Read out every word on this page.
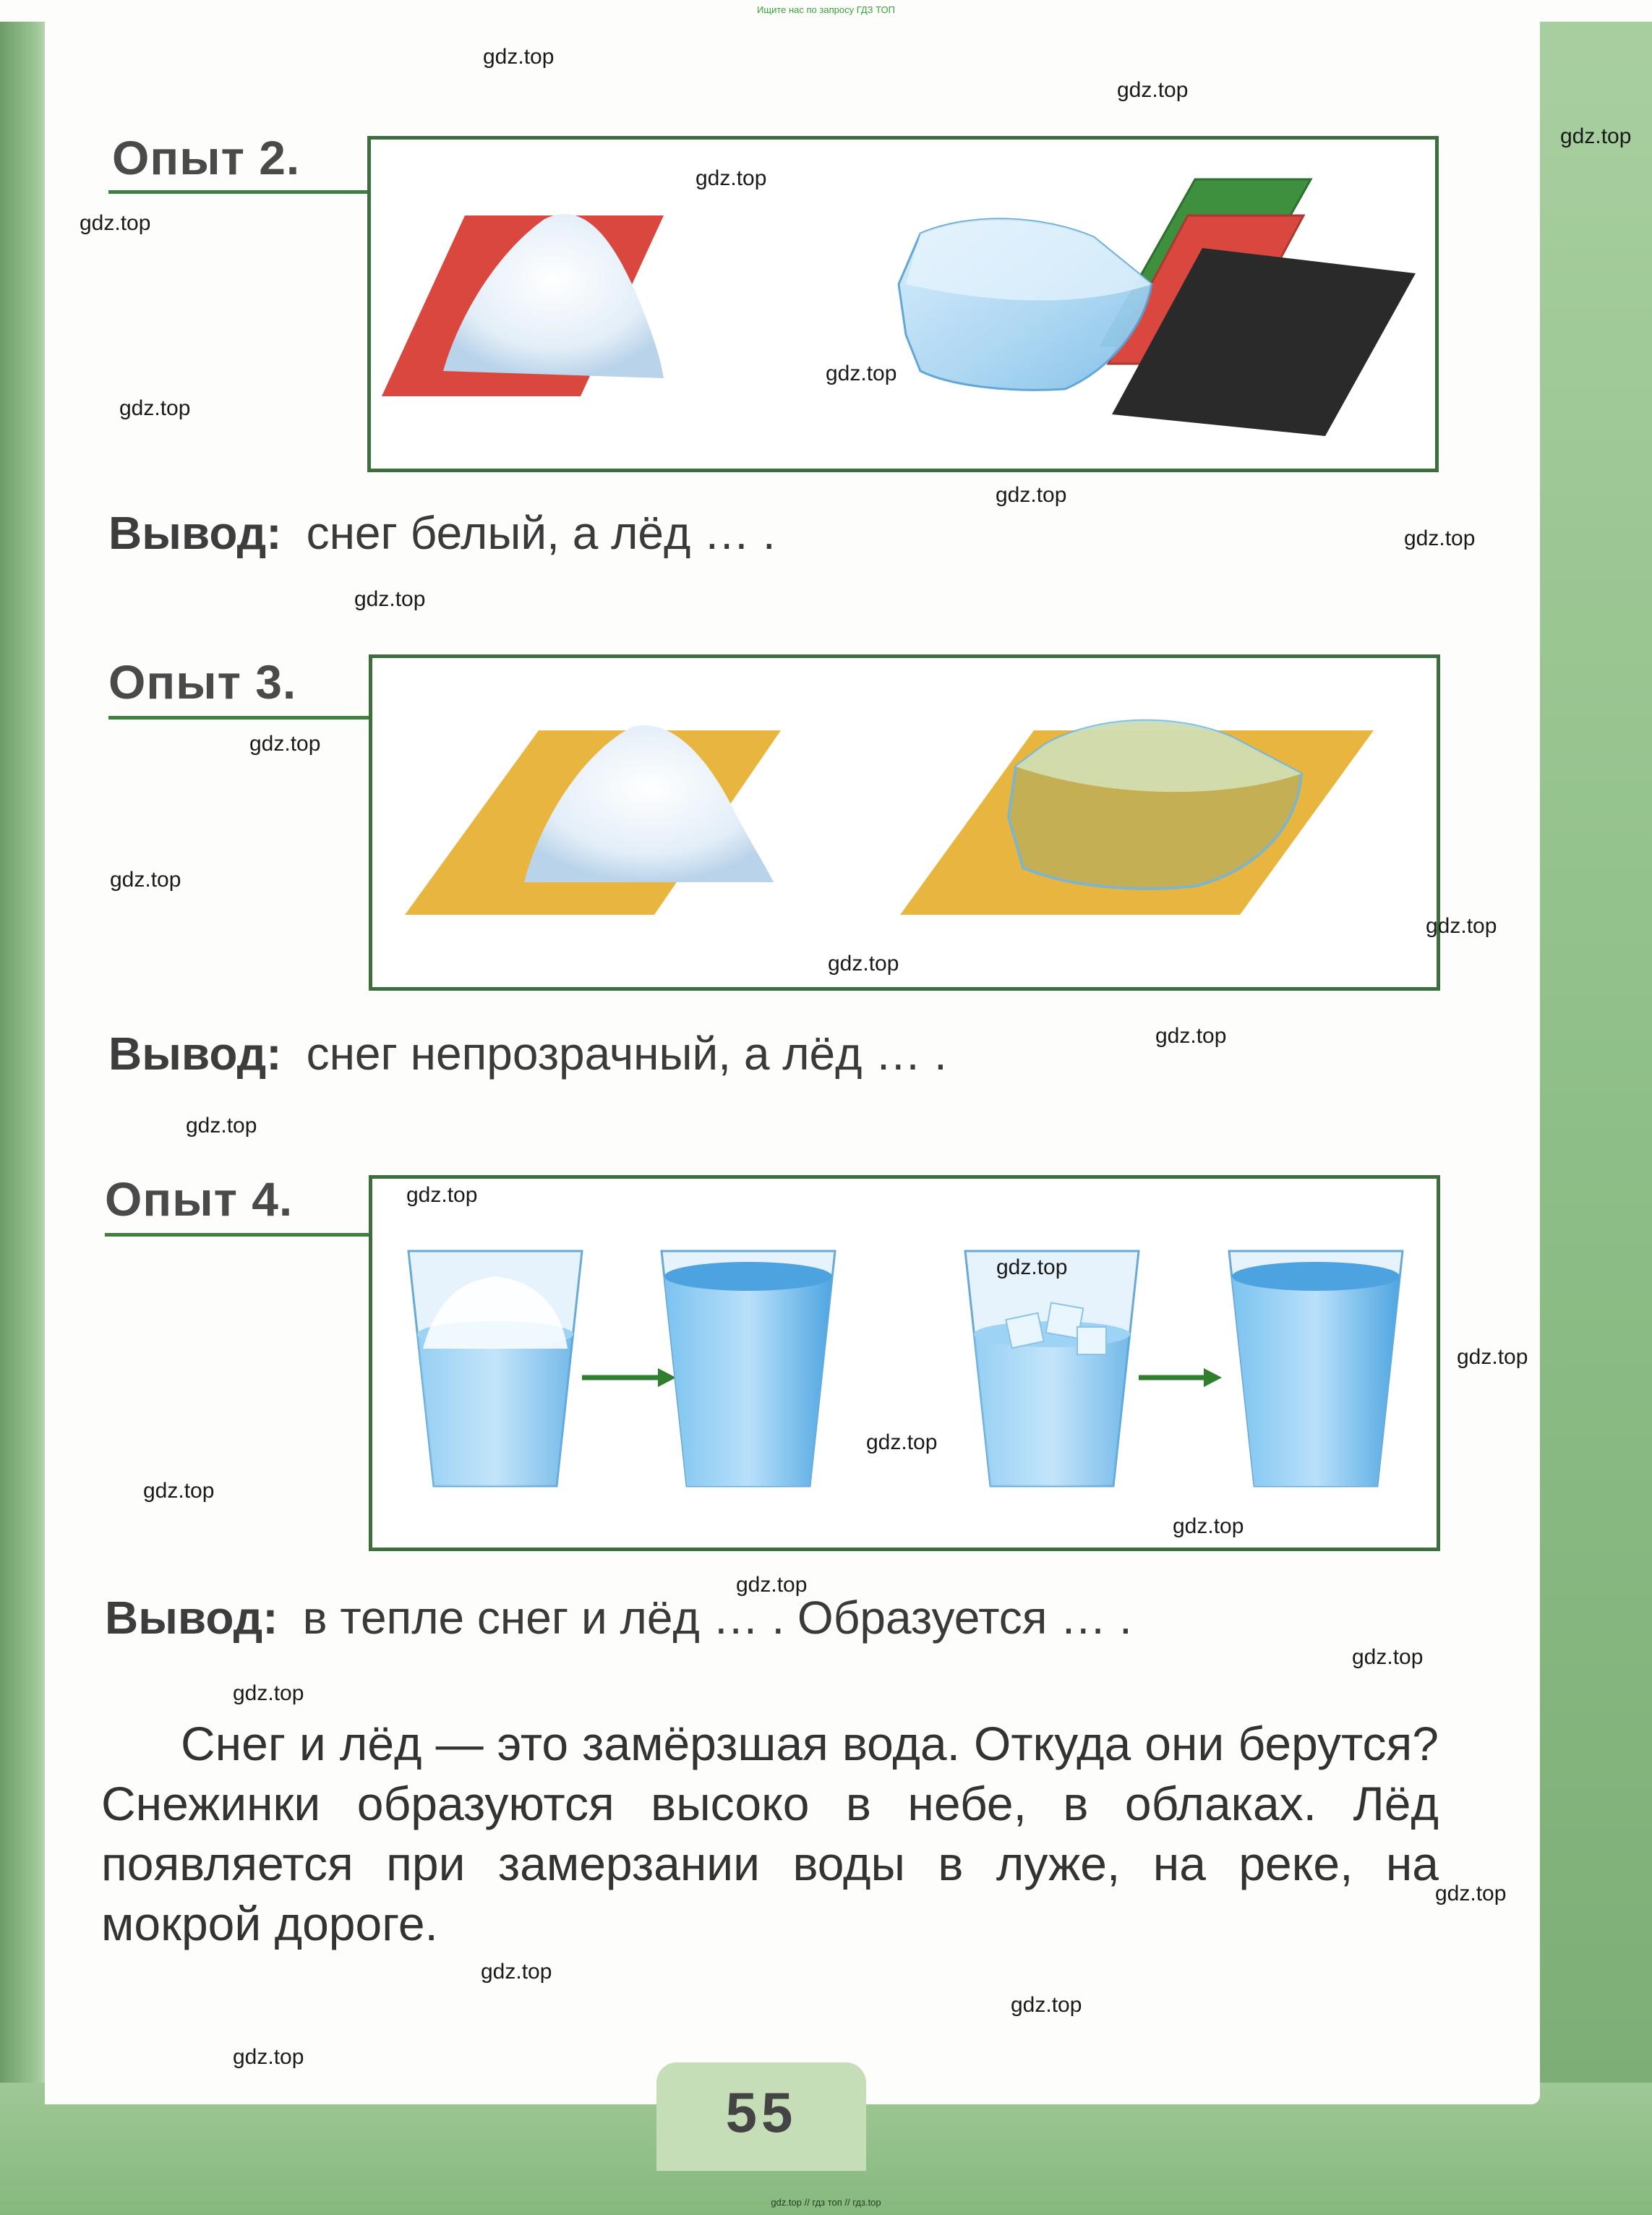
Ищите нас по запросу ГДЗ ТОП
Опыт 2.
Вывод: снег белый, а лёд … .
Опыт 3.
Вывод: снег непрозрачный, а лёд … .
Опыт 4.
Вывод: в тепле снег и лёд … . Образуется … .
Снег и лёд — это замёрзшая вода. Откуда они берутся? Снежинки образуются высоко в небе, в облаках. Лёд появляется при замерзании воды в луже, на реке, на мокрой дороге.
55
gdz.top
gdz.top
gdz.top
gdz.top
gdz.top
gdz.top
gdz.top
gdz.top
gdz.top
gdz.top
gdz.top
gdz.top
gdz.top
gdz.top
gdz.top
gdz.top
gdz.top
gdz.top
gdz.top
gdz.top
gdz.top
gdz.top
gdz.top
gdz.top
gdz.top
gdz.top
gdz.top
gdz.top
gdz.top
gdz.top // гдз топ // гдз.top
